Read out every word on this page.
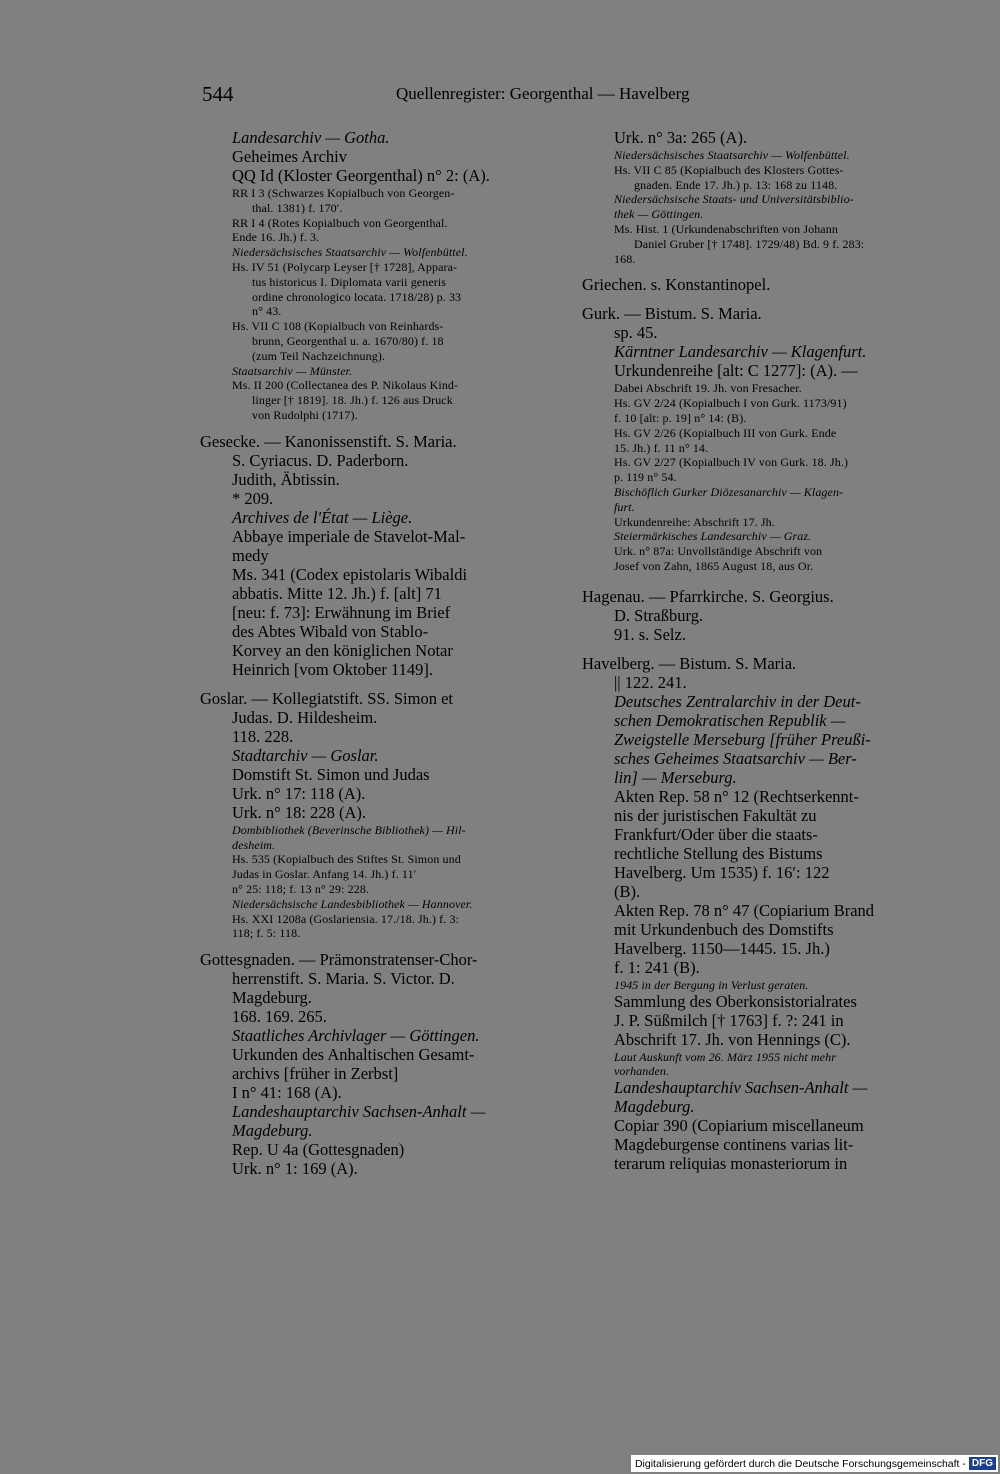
544	Quellenregister: Georgenthal — Havelberg
Landesarchiv — Gotha.
Geheimes Archiv
QQ Id (Kloster Georgenthal) n° 2: (A).
RR I 3 (Schwarzes Kopialbuch von Georgen-
thal. 1381) f. 170′.
RR I 4 (Rotes Kopialbuch von Georgenthal.
Ende 16. Jh.) f. 3.
Niedersächsisches Staatsarchiv — Wolfenbüttel.
Hs. IV 51 (Polycarp Leyser [† 1728], Appara-
tus historicus I. Diplomata varii generis
ordine chronologico locata. 1718/28) p. 33
n° 43.
Hs. VII C 108 (Kopialbuch von Reinhards-
brunn, Georgenthal u. a. 1670/80) f. 18
(zum Teil Nachzeichnung).
Staatsarchiv — Münster.
Ms. II 200 (Collectanea des P. Nikolaus Kind-
linger [† 1819]. 18. Jh.) f. 126 aus Druck
von Rudolphi (1717).
Gesecke. — Kanonissenstift. S. Maria.
S. Cyriacus. D. Paderborn.
Judith, Äbtissin.
* 209.
Archives de l'État — Liège.
Abbaye imperiale de Stavelot-Mal-
medy
Ms. 341 (Codex epistolaris Wibaldi
abbatis. Mitte 12. Jh.) f. [alt] 71
[neu: f. 73]: Erwähnung im Brief
des Abtes Wibald von Stablo-
Korvey an den königlichen Notar
Heinrich [vom Oktober 1149].
Goslar. — Kollegiatstift. SS. Simon et
Judas. D. Hildesheim.
118. 228.
Stadtarchiv — Goslar.
Domstift St. Simon und Judas
Urk. n° 17: 118 (A).
Urk. n° 18: 228 (A).
Dombibliothek (Beverinsche Bibliothek) — Hil-
desheim.
Hs. 535 (Kopialbuch des Stiftes St. Simon und
Judas in Goslar. Anfang 14. Jh.) f. 11′
n° 25: 118; f. 13 n° 29: 228.
Niedersächsische Landesbibliothek — Hannover.
Hs. XXI 1208a (Goslariensia. 17./18. Jh.) f. 3:
118; f. 5: 118.
Gottesgnaden. — Prämonstratenser-Chor-
herrenstift. S. Maria. S. Victor. D.
Magdeburg.
168. 169. 265.
Staatliches Archivlager — Göttingen.
Urkunden des Anhaltischen Gesamt-
archivs [früher in Zerbst]
I n° 41: 168 (A).
Landeshauptarchiv Sachsen-Anhalt —
Magdeburg.
Rep. U 4a (Gottesgnaden)
Urk. n° 1: 169 (A).
Urk. n° 3a: 265 (A).
Niedersächsisches Staatsarchiv — Wolfenbüttel.
Hs. VII C 85 (Kopialbuch des Klosters Gottes-
gnaden. Ende 17. Jh.) p. 13: 168 zu 1148.
Niedersächsische Staats- und Universitätsbiblio-
thek — Göttingen.
Ms. Hist. 1 (Urkundenabschriften von Johann
Daniel Gruber [† 1748]. 1729/48) Bd. 9 f. 283:
168.
Griechen. s. Konstantinopel.
Gurk. — Bistum. S. Maria.
sp. 45.
Kärntner Landesarchiv — Klagenfurt.
Urkundenreihe [alt: C 1277]: (A). —
Dabei Abschrift 19. Jh. von Fresacher.
Hs. GV 2/24 (Kopialbuch I von Gurk. 1173/91)
f. 10 [alt: p. 19] n° 14: (B).
Hs. GV 2/26 (Kopialbuch III von Gurk. Ende
15. Jh.) f. 11 n° 14.
Hs. GV 2/27 (Kopialbuch IV von Gurk. 18. Jh.)
p. 119 n° 54.
Bischöflich Gurker Diözesanarchiv — Klagen-
furt.
Urkundenreihe: Abschrift 17. Jh.
Steiermärkisches Landesarchiv — Graz.
Urk. n° 87a: Unvollständige Abschrift von
Josef von Zahn, 1865 August 18, aus Or.
Hagenau. — Pfarrkirche. S. Georgius.
D. Straßburg.
91. s. Selz.
Havelberg. — Bistum. S. Maria.
|| 122. 241.
Deutsches Zentralarchiv in der Deut-
schen Demokratischen Republik —
Zweigstelle Merseburg [früher Preußi-
sches Geheimes Staatsarchiv — Ber-
lin] — Merseburg.
Akten Rep. 58 n° 12 (Rechtserkennt-
nis der juristischen Fakultät zu
Frankfurt/Oder über die staats-
rechtliche Stellung des Bistums
Havelberg. Um 1535) f. 16′: 122
(B).
Akten Rep. 78 n° 47 (Copiarium Brand
mit Urkundenbuch des Domstifts
Havelberg. 1150—1445. 15. Jh.)
f. 1: 241 (B).
1945 in der Bergung in Verlust geraten.
Sammlung des Oberkonsistorialrates
J. P. Süßmilch [† 1763] f. ?: 241 in
Abschrift 17. Jh. von Hennings (C).
Laut Auskunft vom 26. März 1955 nicht mehr
vorhanden.
Landeshauptarchiv Sachsen-Anhalt —
Magdeburg.
Copiar 390 (Copiarium miscellaneum
Magdeburgense continens varias lit-
terarum reliquias monasteriorum in
Digitalisierung gefördert durch die Deutsche Forschungsgemeinschaft - DFG
